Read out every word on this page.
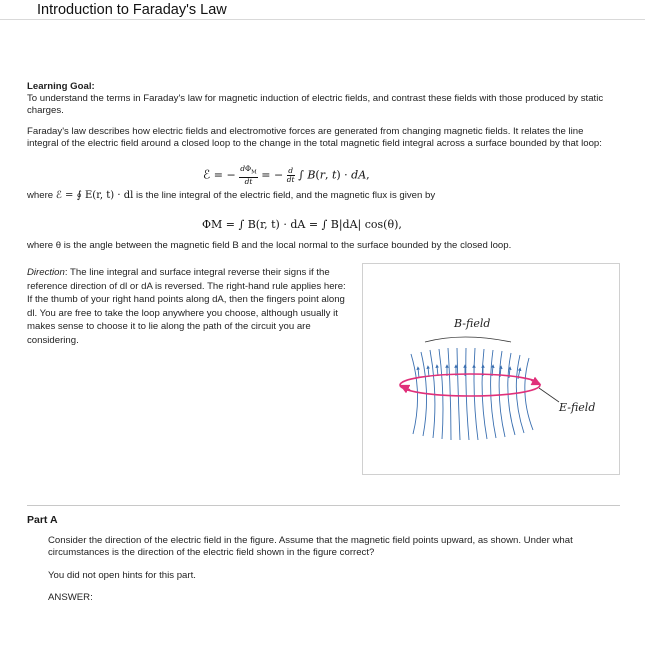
Introduction to Faraday's Law
Learning Goal:
To understand the terms in Faraday's law for magnetic induction of electric fields, and contrast these fields with those produced by static charges.
Faraday's law describes how electric fields and electromotive forces are generated from changing magnetic fields. It relates the line integral of the electric field around a closed loop to the change in the total magnetic field integral across a surface bounded by that loop:
ℰ = − $d\Phi_M$
dt = − $\frac{d}{dt}$ ∫ B(r, t) · dA,
where ℰ = ∮ E(r, t) · dl is the line integral of the electric field, and the magnetic flux is given by
ΦM = ∫ B(r, t) · dA = ∫ B|dA| cos(θ),
where θ is the angle between the magnetic field B and the local normal to the surface bounded by the closed loop.
Direction: The line integral and surface integral reverse their signs if the reference direction of dl or dA is reversed. The right-hand rule applies here: If the thumb of your right hand points along dA, then the fingers point along dl. You are free to take the loop anywhere you choose, although usually it makes sense to choose it to lie along the path of the circuit you are considering.
B-field
E-field
Part A
Consider the direction of the electric field in the figure. Assume that the magnetic field points upward, as shown. Under what circumstances is the direction of the electric field shown in the figure correct?
You did not open hints for this part.
ANSWER:
